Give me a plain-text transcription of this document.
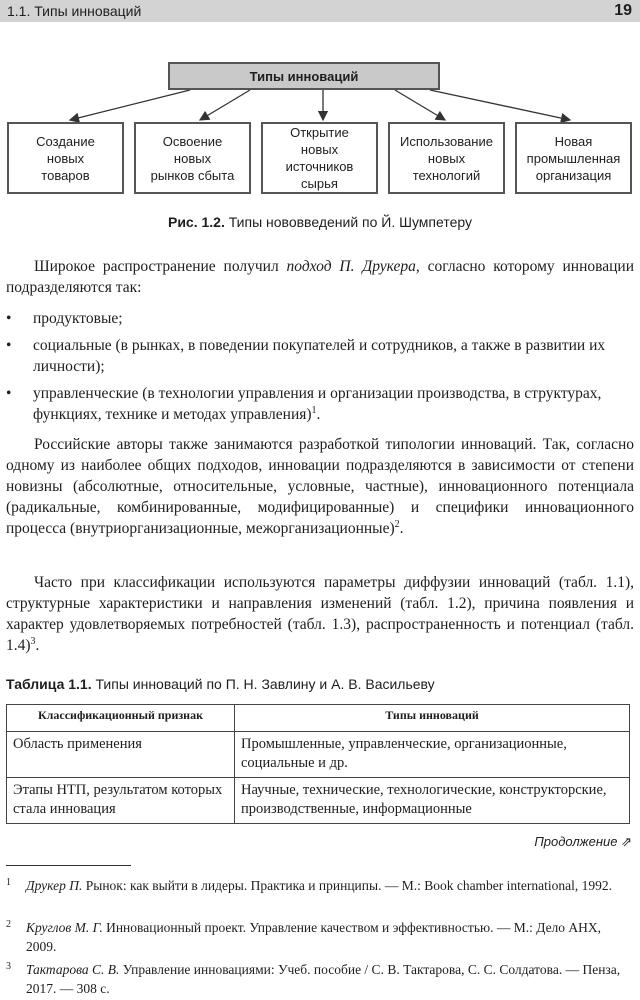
1.1. Типы инноваций	19
Типы инноваций
Создание
новых
товаров
Освоение
новых
рынков сбыта
Открытие
новых
источников
сырья
Использование
новых
технологий
Новая
промышленная
организация
Рис. 1.2. Типы нововведений по Й. Шумпетеру
Широкое распространение получил подход П. Друкера, согласно которому инновации подразделяются так:
• продуктовые;
• социальные (в рынках, в поведении покупателей и сотрудников, а также в развитии их личности);
• управленческие (в технологии управления и организации производства, в структурах, функциях, технике и методах управления)$^1$.
Российские авторы также занимаются разработкой типологии инноваций. Так, согласно одному из наиболее общих подходов, инновации подразделяются в зависимости от степени новизны (абсолютные, относительные, условные, частные), инновационного потенциала (радикальные, комбинированные, модифицированные) и специфики инновационного процесса (внутриорганизационные, межорганизационные)$^2$.
Часто при классификации используются параметры диффузии инноваций (табл. 1.1), структурные характеристики и направления изменений (табл. 1.2), причина появления и характер удовлетворяемых потребностей (табл. 1.3), распространенность и потенциал (табл. 1.4)$^3$.
Таблица 1.1. Типы инноваций по П. Н. Завлину и А. В. Васильеву
Классификационный признак	Типы инноваций
Область применения	Промышленные, управленческие, организационные, социальные и др.
Этапы НТП, результатом которых стала инновация	Научные, технические, технологические, конструкторские, производственные, информационные
Продолжение ⇗
1 Друкер П. Рынок: как выйти в лидеры. Практика и принципы. — М.: Book chamber international, 1992.
2 Круглов М. Г. Инновационный проект. Управление качеством и эффективностью. — М.: Дело АНХ, 2009.
3 Тактарова С. В. Управление инновациями: Учеб. пособие / С. В. Тактарова, С. С. Солдатова. — Пенза, 2017. — 308 с.
